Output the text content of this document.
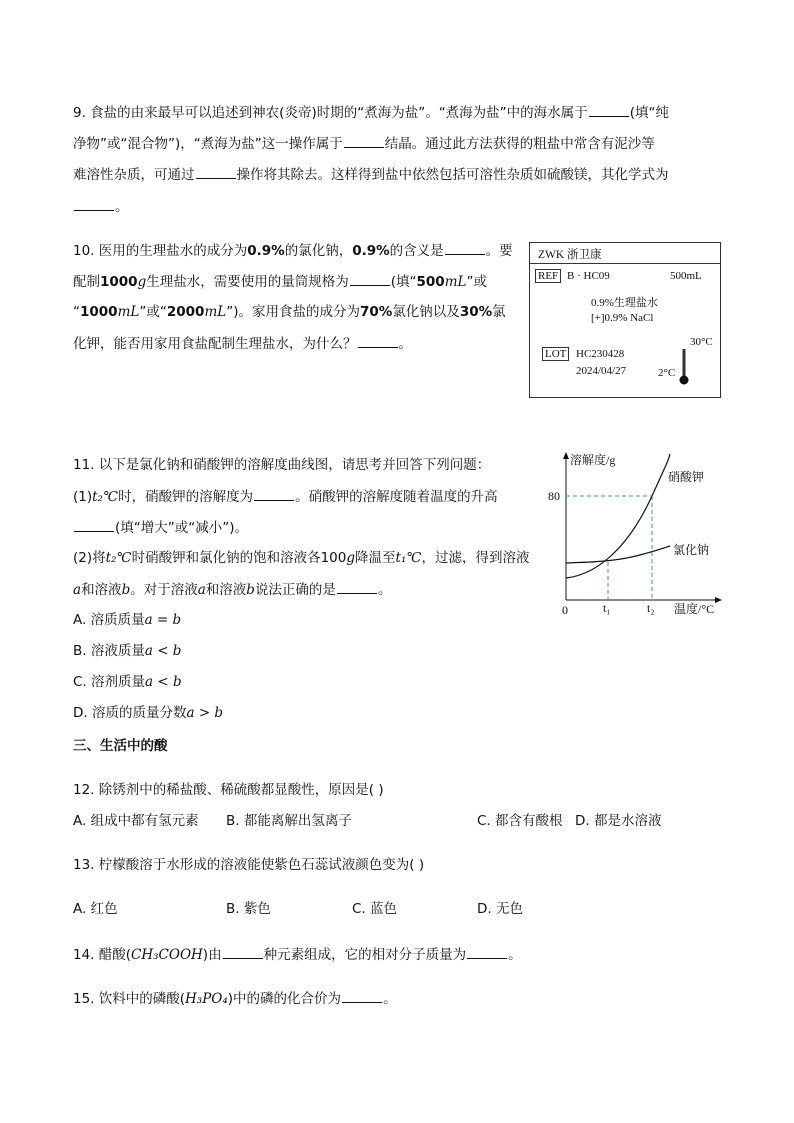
9. 食盐的由来最早可以追述到神农(炎帝)时期的“煮海为盐”。“煮海为盐”中的海水属于	(填“纯
净物”或“混合物”)，“煮海为盐”这一操作属于	结晶。通过此方法获得的粗盐中常含有泥沙等
难溶性杂质，可通过	操作将其除去。这样得到盐中依然包括可溶性杂质如硫酸镁，其化学式为
。
10. 医用的生理盐水的成分为0.9%的氯化钠，0.9%的含义是	。要
配制1000g生理盐水，需要使用的量筒规格为	(填“500mL”或
“1000mL”或“2000mL”)。家用食盐的成分为70%氯化钠以及30%氯
化钾，能否用家用食盐配制生理盐水，为什么？	。
ZWK 浙卫康
REF B · HC09	500mL
0.9%生理盐水
[+]0.9% NaCl
LOT HC230428
2024/04/27
30°C
2°C
11. 以下是氯化钠和硝酸钾的溶解度曲线图，请思考并回答下列问题：
(1)t₂℃时，硝酸钾的溶解度为	。硝酸钾的溶解度随着温度的升高
(填“增大”或“减小”)。
(2)将t₂℃时硝酸钾和氯化钠的饱和溶液各100g降温至t₁℃，过滤，得到溶液
a和溶液b。对于溶液a和溶液b说法正确的是	。
A. 溶质质量a = b
B. 溶液质量a < b
C. 溶剂质量a < b
D. 溶质的质量分数a > b
溶解度/g
温度/°C
0
80
t₁	t₂
硝酸钾
氯化钠
三、生活中的酸
12. 除锈剂中的稀盐酸、稀硫酸都显酸性，原因是( )
A. 组成中都有氢元素 B. 都能离解出氢离子	C. 都含有酸根 D. 都是水溶液
13. 柠檬酸溶于水形成的溶液能使紫色石蕊试液颜色变为( )
A. 红色	B. 紫色	C. 蓝色	D. 无色
14. 醋酸(CH₃COOH)由	种元素组成，它的相对分子质量为	。
15. 饮料中的磷酸(H₃PO₄)中的磷的化合价为	。
